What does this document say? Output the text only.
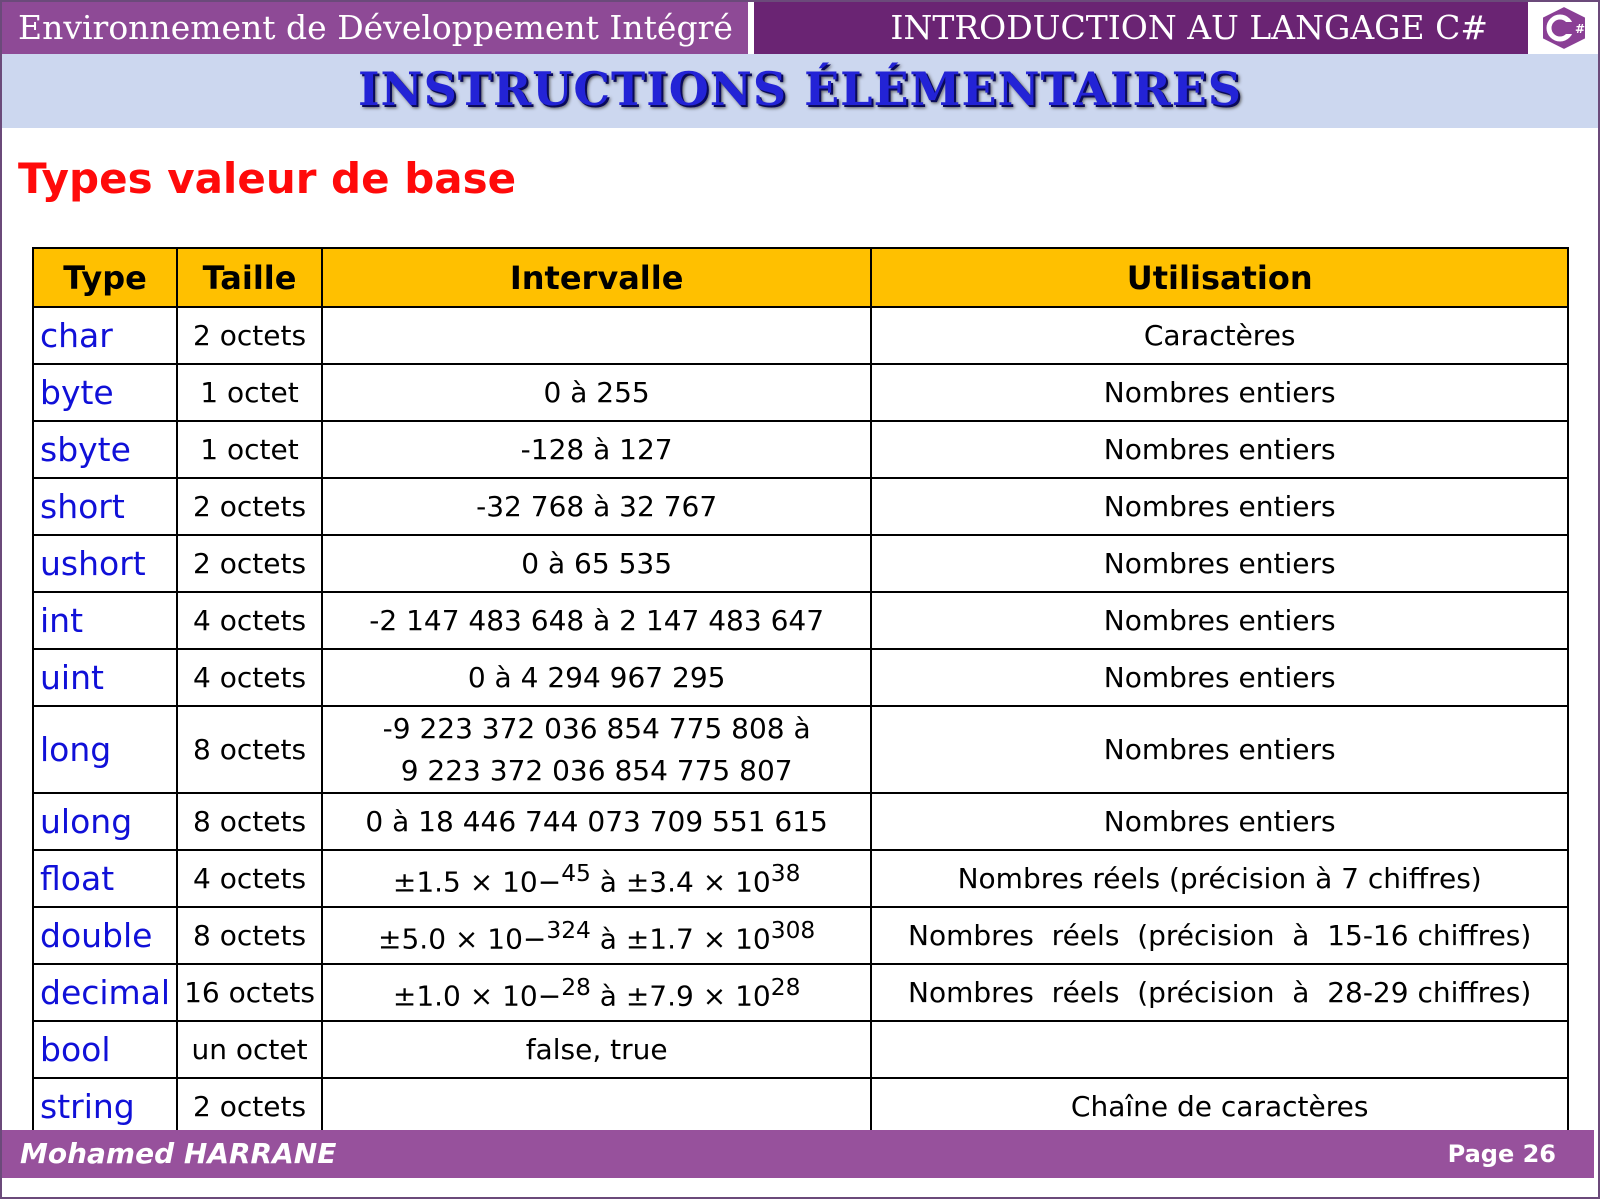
Environnement de Développement Intégré	INTRODUCTION AU LANGAGE C#	#
INSTRUCTIONS ÉLÉMENTAIRES
Types valeur de base
Type	Taille	Intervalle	Utilisation
char	2 octets		Caractères
byte	1 octet	0 à 255	Nombres entiers
sbyte	1 octet	-128 à 127	Nombres entiers
short	2 octets	-32 768 à 32 767	Nombres entiers
ushort	2 octets	0 à 65 535	Nombres entiers
int	4 octets	-2 147 483 648 à 2 147 483 647	Nombres entiers
uint	4 octets	0 à 4 294 967 295	Nombres entiers
long	8 octets	-9 223 372 036 854 775 808 à
9 223 372 036 854 775 807	Nombres entiers
ulong	8 octets	0 à 18 446 744 073 709 551 615	Nombres entiers
float	4 octets	±1.5 × 10−$^{45}$ à $\pm 3.4 \times 10^{38}$	Nombres réels (précision à 7 chiffres)
double	8 octets	±5.0 × 10−$^{324}$ à $\pm 1.7 \times 10^{308}$	Nombres  réels  (précision  à  15-16 chiffres)
decimal	16 octets	±1.0 × 10−$^{28}$ à $\pm 7.9 \times 10^{28}$	Nombres  réels  (précision  à  28-29 chiffres)
bool	un octet	false, true	
string	2 octets		Chaîne de caractères
Mohamed HARRANE	Page 26
